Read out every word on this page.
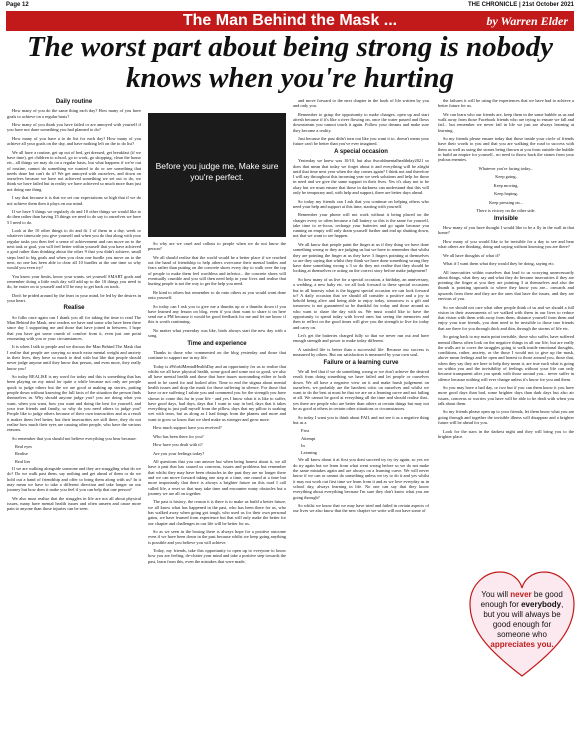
Page 12	THE CHRONICLE | 21st October 2021
The Man Behind the Mask ...	by Warren Elder
The worst part about being strong is nobody knows when you're hurting
Before you judge me, Make sure you're perfect.
Daily routine

How many of you do the same thing each day? How many of you have goals to achieve on a regular basis?

How many of you think you have failed or are annoyed with yourself if you have not done something you had planned to do?

How many of you have a to do list for each day? How many of you achieve all your goals on the day, and have nothing left on the to do list?

We all have a routine, get up out of bed, get dressed, get breakfast (if we have time), get children to school, go to work, go shopping, clean the house etc., all things we may do on a regular basis, but what happens if we're out of routine, cannot do something we wanted to do or see something that needs done but can't do it? We get annoyed with ourselves, and down on ourselves because we have not achieved something we set out to do, we think we have failed but in reality we have achieved so much more than just not doing one thing.

I say that because it is that we set our expectations so high that if we do not achieve them then it plays on our mind.

If we have 5 things we regularly do and 10 other things we would like to do then rather than having 15 things we need to do say to ourselves we have 5 I need to do.

Look at the 10 other things to do and fit 1 of them in a day, week or whatever timescale you give yourself and when you do that along with your regular tasks you then feel a sense of achievement and can move on to the next task or goal, you will feel better within yourself that you have achieved a goal rather than thinking about the other 9 that you didn't achieve, small steps lead to big goals and when you clear one hurdle you move on to the next, no one has been able to clear all 10 hurdles at the one time so why would you even try?

You know your limits, know your wants, set yourself SMART goals and remember doing a little each day will add up to the 10 things you need to do, be easier on to yourself and it'll be easy to get back on track.

Don't be prided around by the fears in your mind, be led by the desires in your heart.

Realise

So folks once again can I thank you all for taking the time to read The Man Behind the Mask, new readers we have and some who have been there since day 1 supporting me and those that have joined in between. I hope that you have got some crumb of comfort from it, even just one point resonating with you or your circumstances.

It is when I talk to people and we discuss the Man Behind The Mask that I realise that people are carrying so much extra mental weight and anxiety in their lives, they have so much to deal with but like that people should never judge anyone until they know that person, and even more, they really know you!

So today REALISE is my word for today and this is something that has been playing on my mind for quite a while because not only are people quick to judge others but the we are good at making up stories, putting people down without knowing the full facts of the situation the person finds themselves in. Why should anyone judge you? you are doing what you want, when you want, how you want and doing the best for yourself, and your true friends and family, so why do you need others to judge you? People like to judge others because of their own insecurities and as a result it makes them feel better, but their insecurities are still there, they do not realise how much their eyes are causing other people, who have the various reasons.

So remember that you should not believe everything you hear because:

Real eyes

Realise

Real lies

If we are walking alongside someone and they are struggling what do we do? Do we walk past them, say nothing and get ahead of them or do we hold out a hand of friendship and offer to bring them along with us? In it may mean we have to take a different direction and take longer on our journey but how does it make you feel if you can help that one person?

We also must realise that the struggles in life are not all about physical issues, many have mental health issues and often unseen and cause more pain to anyone than those injuries can be seen.

So why are we cruel and callous to people when we do not know the person?

We all should realise that the world would be a better place if we reached out the hand of friendship to help others overcome their mental battles and fears rather than putting on the concrete shoes every day to walk over the top of people to make them feel worthless and inferior... the concrete shoes will eventually crumble and you will then need help in your lives and realise that hurting people is not the way to get the help you need.

Be kind to others but remember to do onto others as you would want done onto yourself.

So today can I ask you to give me a thumbs up or a thumbs down if you have learned any lesson on blog, even if you dont want to share it on here send me a PM because it would be good feedback for me and let me know if this is worth continuing.

No matter what yesterday was like, birds always start the new day with a song.

Time and experience

Thanks to those who commented on the blog yesterday and those that continue to support me in my life.

Today is #WorldMentalHealthDay and an opportunity for us to realise that whilst we all have physical health, some good and some not so good, we also all have mental health and those that have issues surrounding either or both need to be cared for and looked after. Time to end the stigma about mental health issues and drop the mask for those suffering in silence. For those that have or are suffering I salute you and commend you for the strength you have shown to come this far in your life - and yes I know what it is like to suffer, have good days, bad days, days that I want to stay in bed, days that it takes everything to just pull myself from the pillow, days that my pillow is soaking wet with tears, but as along as I had things from the planets and more and want to grow so know that we shed make us stronger and grow more.

How much support have you received?

Who has been there for you?

How have you dealt with it?

Are you your feelings today?

All questions that you can answer but when being honest about it, we all have a past that has caused us concerns, issues and problems but remember that whilst they may have been obstacles in the past they are no longer there and we can move forward taking one step at a time, one round at a time but more importantly that there is always a brighter future on this road I call called life, a reset so that may take time and encounter many obstacles but a journey we are all on together.

The past is history, the reason it is there is to make us build a better future, we all know what has happened in the past, who has been there for us, who has walked away when going got tough, who used us for their own personal gains, we have learned from experience but that will only make the better for our chapter and challenges in our life will be better for us.

So as we seen in the boxing there is always hope for a positive outcome even if we have been down in the past because whilst we keep going anything is possible and you believe you will achieve.

Today, my friends, take this opportunity to open up to everyone to know how you are feeling, de-clutter your mind and take a positive step towards the past, learn from this, even the mistakes that were made,

and move forward to the next chapter in the book of life written by you and only you.

Remember to grasp the opportunity to make changes, open up and start afresh because if it's like a river flowing on, once the water passed and flows downstream you cannot touch it again. Follow your dreams and make sure they become a reality.

Just because the past didn't turn out like you want it to, doesn't mean your future can't be better than you've ever imagined.

A special occasion

Yesterday we knew was 10/10, but also #worldmentalhealthday2021 so does that mean that today we forget about it and everything will be alright until that time next year when the day comes again? I think not and therefore I will say throughout this incoming year we seek solutions and help for those in need and we give the same support in their lives. Yes it's okay not to be okay but we must ensure that those in darkness can understand that this will only be temporary and, with help and support, there are better days ahead.

So today my friends can I ask that you continue on helping others who need your help and support at this time, starting with yourself.

Remember your phone will not work without it being placed on the charger every so often because a full battery so this is the same for yourself, take time to re-focus, recharge your batteries and go again because you running on empty will only drain yourself further and end up shutting down, not that we want to see happen.

We all know that people paint the finger at us if they thing we have done something wrong or they are judging us but we have to remember that whilst they are pointing the finger at us they have 3 fingers pointing at themselves so are they saying that whilst they think we have done something wrong they have done something wrong x 3 so do they not realise that they should be looking at themselves re acting on the correct story before make judgement?

So how many of us live for a special occasion, a birthday, an anniversary, a wedding, a new baby etc. we all look forward to these special occasions but in all honesty what is the biggest special occasion we can look forward to? A daily occasion that we should all consider a positive and a joy to behold being alive and being able to enjoy today, tomorrow is a gift and tomorrow is not guaranteed so be thankful for today and those around us who want to share the day with us. We must would like to have the opportunity to spend today with loved ones but seeing the memories and then to reflect on the good times will give you the strength to live for today and carry on.

Let's get the batteries charged fully so that we never run out and have enough strength and power to make today different.

A satisfied life is better than a successful life. Because our success is measured by others. But our satisfaction is measured by your own soul.

Failure or a learning curve

We all feel that if we do something wrong or we don't achieve the desired result from doing something we have failed and let people or ourselves down. We all have a negative view on it and make harsh judgement on ourselves, we probably are the harshest critic on ourselves and whilst we want to do the best at must be that we are on a learning curve and not failing at all. We cannot be good at everything all the time and should realise that.. yes there are people who are better than others at certain things but may not be as good at others in certain other situations or circumstances.

So today I want you to think about FAIL and not see it as a negative thing but as a

First

Attempt

In

Learning

We all know about it at first you dont succeed try try try again, so yes we do try again but we learn from what went wrong before so we do not make the same mistakes again and are always on a learning curve. We will never know if we can or cannot do something unless we try to do it and yes whilst it may not work out first time we learn from it and as we love everyday as in school day, always learning in life. No one can say that they know everything about everything because I'm sure they don't know what you are going through?

So whilst we know that we may have tried and failed in certain aspects of our lives we also know that the new chapter we write will not have some of

the failures it will be using the experiences that we have had to achieve a better future for us.

We can learn who our friends are, keep them in the same bubble as us and walk away from those Facebook friends who are trying to ensure we fall and fail... but remember we never fail in life we just are always learning at learning.

So my friends please ensure today that those inside your circle of friends have their words to you and that you are walking the road to success with them as well as using the stones being thrown at you from outside the bubble to build an empire for yourself.. no need to throw back the stones from your jealous enemies.

Whatever you're facing today...

Keep going,

Keep moving,

Keep hoping,

Keep pressing on...

There is victory on the other side.

Invisible

How many of you have thought I would like to be a fly in the wall in that home?

How many of you would like to be invisible for a day to see and hear what others are thinking, doing and saying without knowing you are there?

We all have thoughts of what if?

What if I want them what they would they be doing, saying etc.

All insecurities within ourselves that lead to us worrying unnecessarily about things, what they say and what they do become insecurities if they are pointing the finger at you they are pointing 3 at themselves and also the thumb is pointing upwards to where they know you are... onwards and upwards from there and they are the ones that have the issues, and they are envious of you.

So we should not care what other people think of us and we should a full vision in their assessments of we walked with them in our lives to reduce that vision with them with away from them, distance yourself from them and enjoy your true friends, you dont need to be invisible to those true friends that are there for you through thick and thin, through the storms of life etc.

So going back to my main point invisible, those who suffer, have suffered mental illness often look on the negative things in all our life, but are really the walls are to cover the struggles going to walk inside emotional thoughts, conditions, rather, anxiety, or the those I would not to give up the mask, above mean feelings and be open and honest to those around you, those that, when they say they are here to help they mean it, are true each what is going on within you and the invisibility of feelings without your life can only become transparent after you speak with those around you... never suffer in silence because nothing will ever change unless it's know for you and them.

So you may have a bad day, or two but if you can them know it you have more good days than bad, some brighter days than dark days but also air issues, concerns or worries you have will be able to be dealt with when you talk about them.

So my friends please open up to your friends, let them know what you are going through and together the invisible illness will disappear and a brighter future will be ahead for you.

Look for the stars in the darkest night and they will bring you to the brighter place.

You will never be good enough for everybody, but you will always be good enough for someone who appreciates you.
